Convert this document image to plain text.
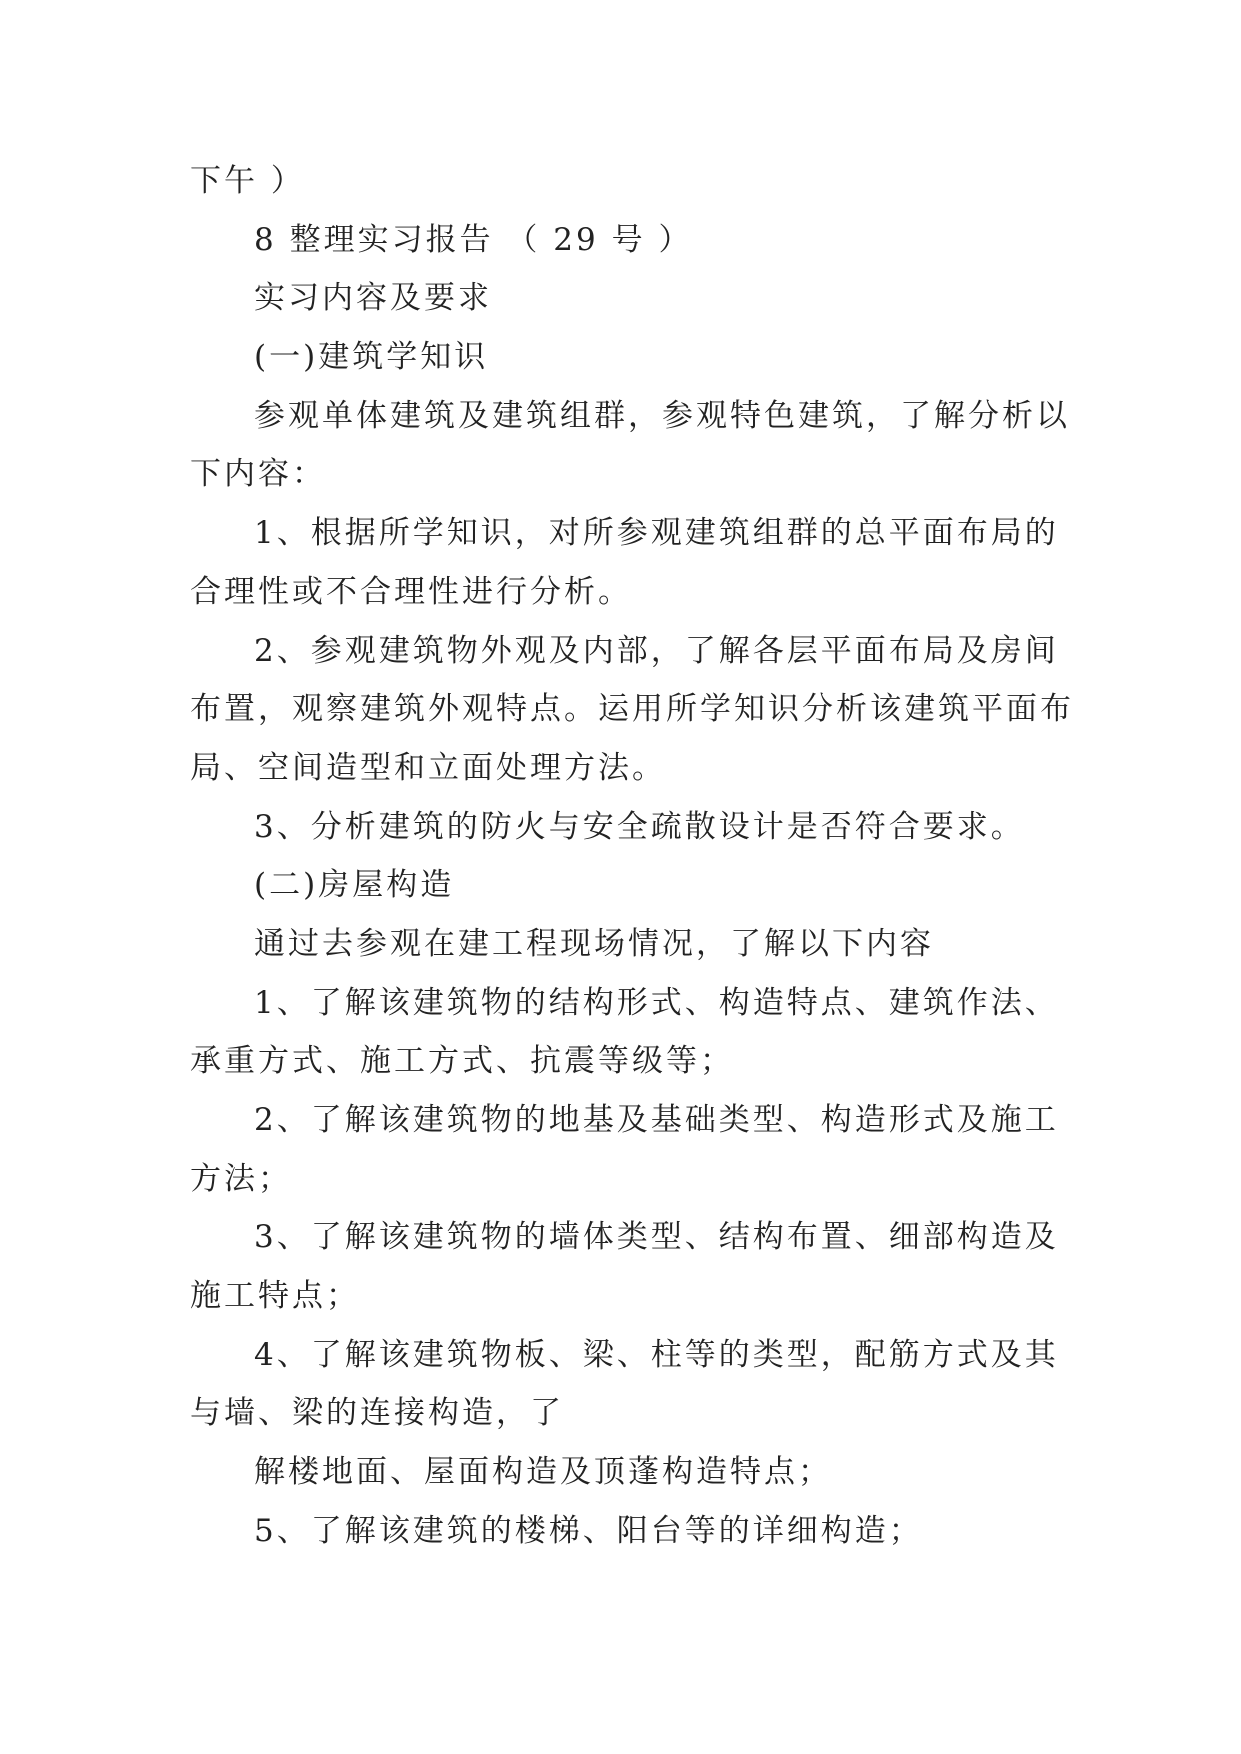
下午 ）
8 整理实习报告 （ 29 号 ）
实习内容及要求
(一)建筑学知识
参观单体建筑及建筑组群，参观特色建筑，了解分析以
下内容：
1、根据所学知识，对所参观建筑组群的总平面布局的
合理性或不合理性进行分析。
2、参观建筑物外观及内部，了解各层平面布局及房间
布置，观察建筑外观特点。运用所学知识分析该建筑平面布
局、空间造型和立面处理方法。
3、分析建筑的防火与安全疏散设计是否符合要求。
(二)房屋构造
通过去参观在建工程现场情况，了解以下内容
1、了解该建筑物的结构形式、构造特点、建筑作法、
承重方式、施工方式、抗震等级等；
2、了解该建筑物的地基及基础类型、构造形式及施工
方法；
3、了解该建筑物的墙体类型、结构布置、细部构造及
施工特点；
4、了解该建筑物板、梁、柱等的类型，配筋方式及其
与墙、梁的连接构造，了
解楼地面、屋面构造及顶蓬构造特点；
5、了解该建筑的楼梯、阳台等的详细构造；
